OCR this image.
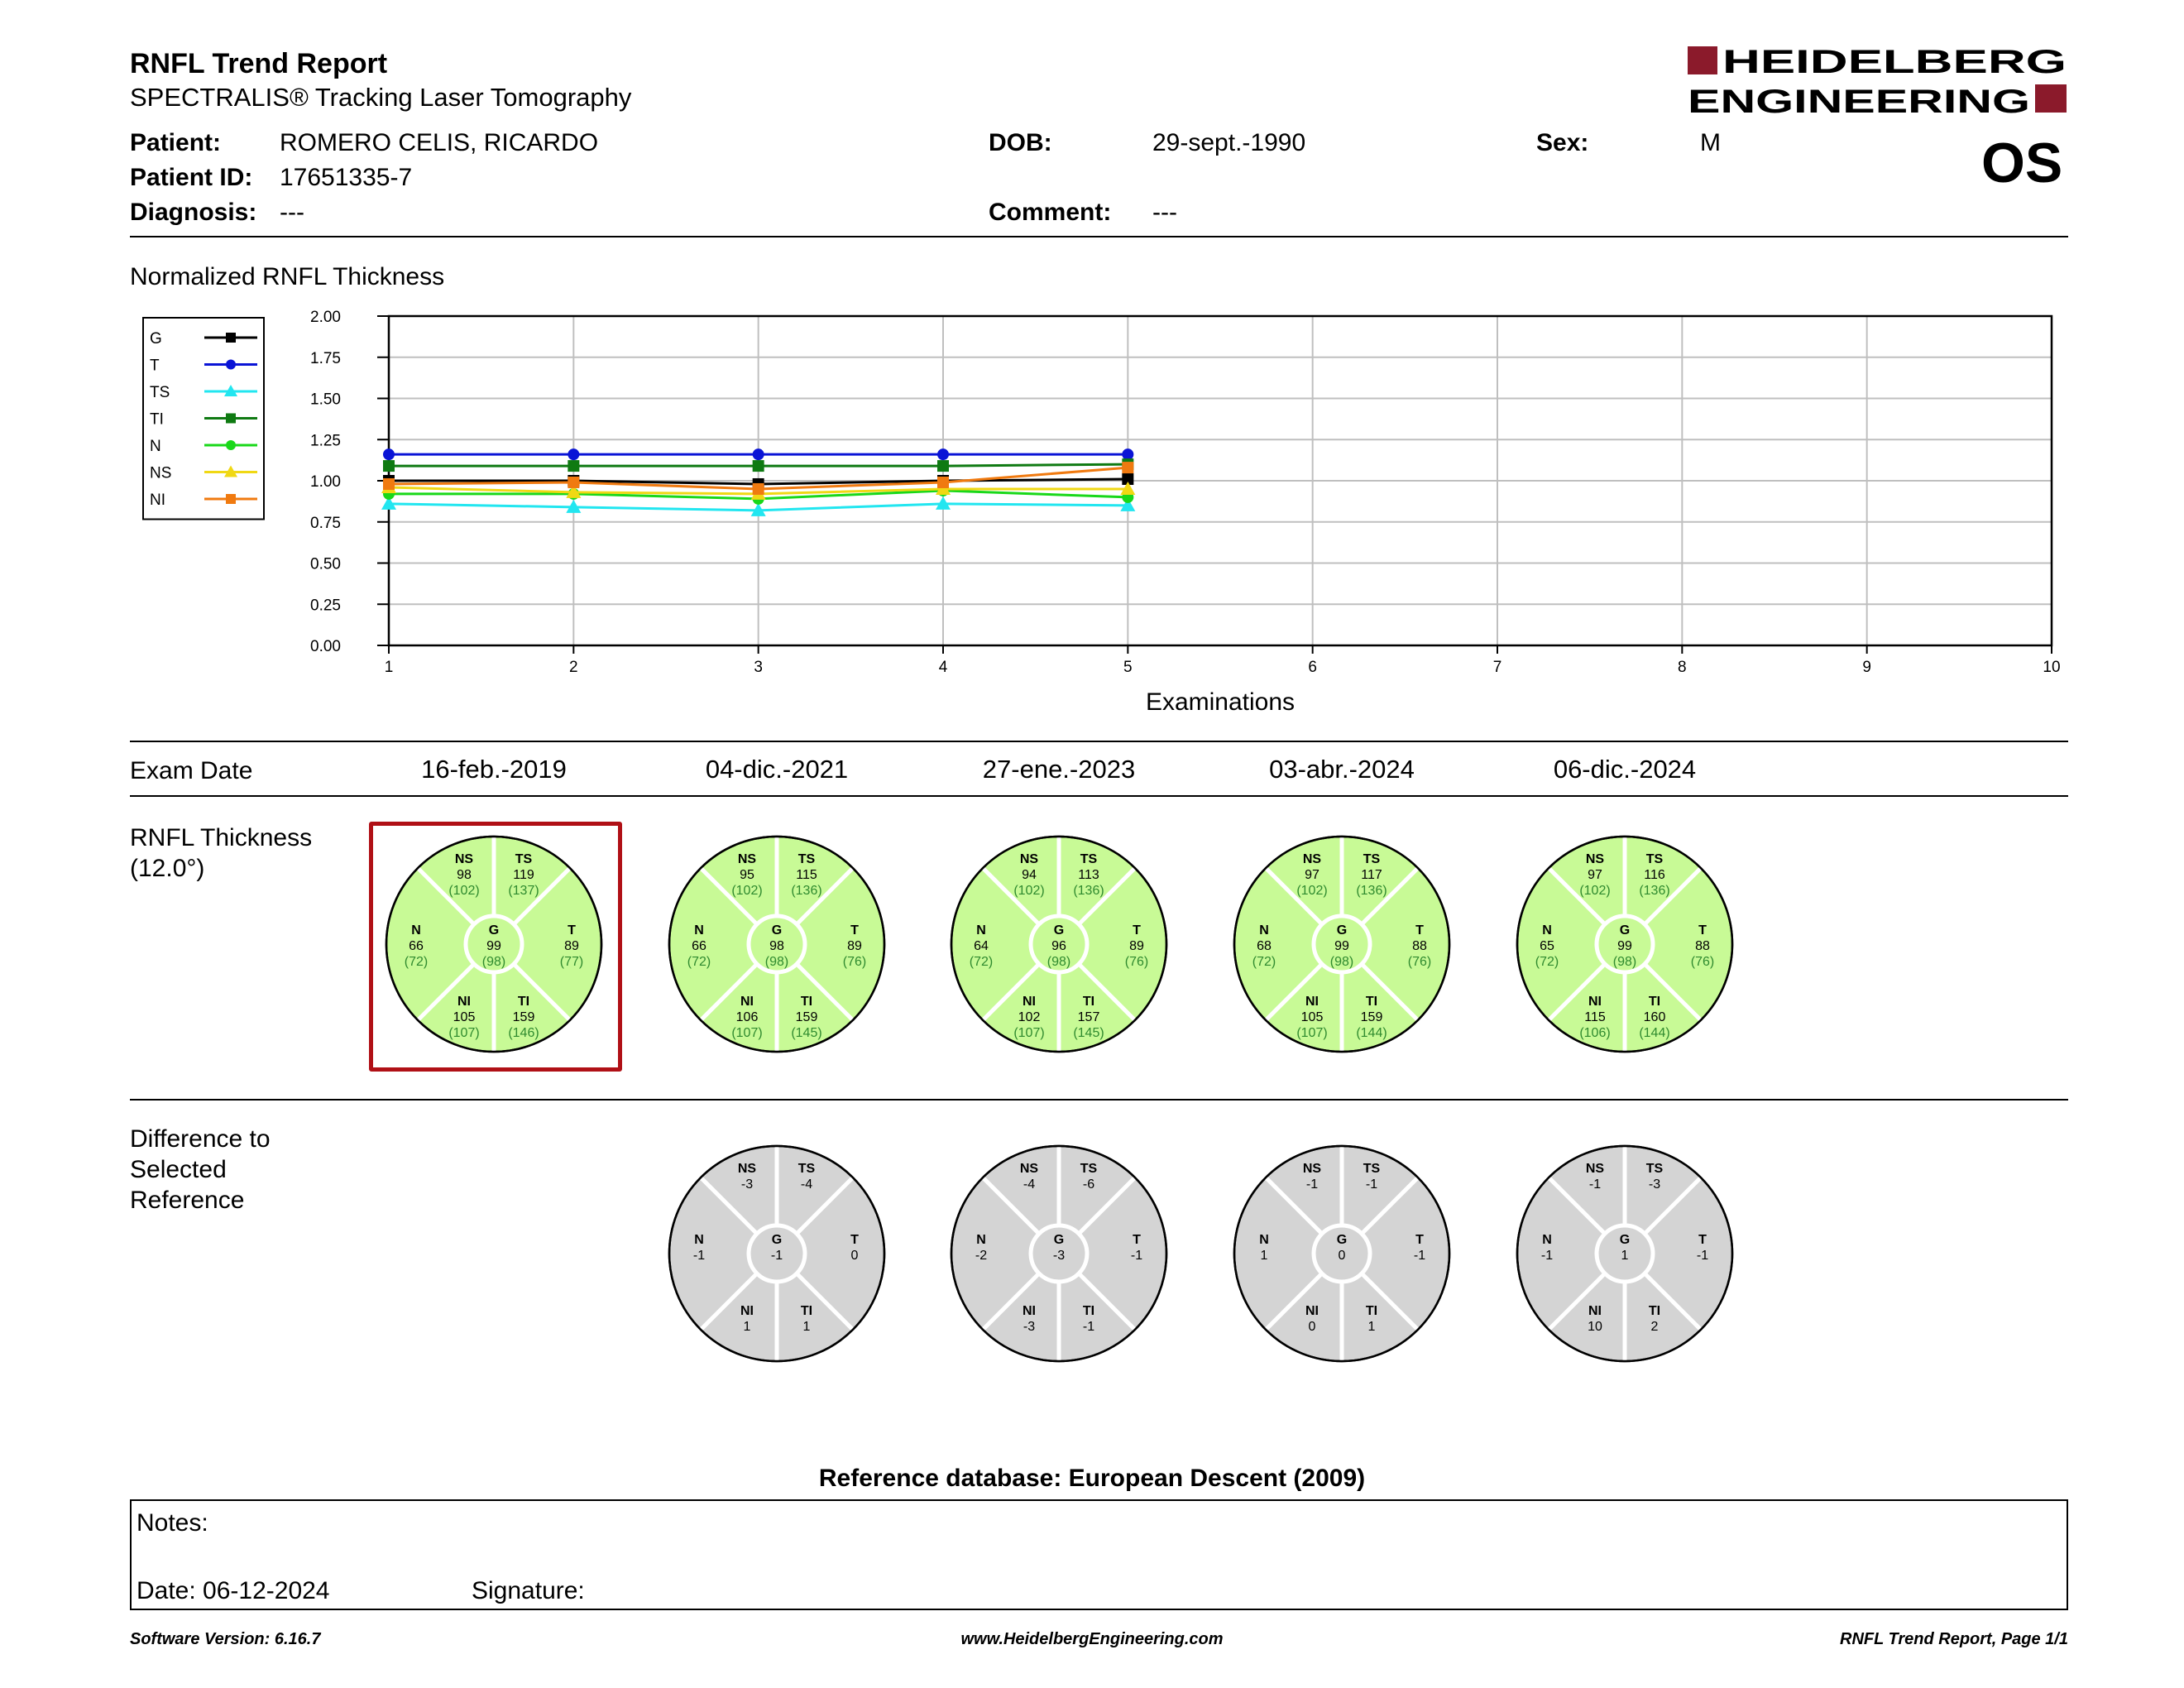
RNFL Trend Report
SPECTRALIS® Tracking Laser Tomography
HEIDELBERG
ENGINEERING
OS
Patient: ROMERO CELIS, RICARDO
Patient ID: 17651335-7
Diagnosis: ---
DOB:	29-sept.-1990
Comment: ---
Sex:	M
Normalized RNFL Thickness
1	2	3	4	5	6	7	8	9	10
0.00
0.25
0.50
0.75
1.00
1.25
1.50
1.75
2.00
Examinations
G
T
TS
TI
N
NS
NI
Exam Date	16-feb.-2019	04-dic.-2021	27-ene.-2023	03-abr.-2024	06-dic.-2024
RNFL Thickness
(12.0°)	NS
98
(102)
TS
119
(137)
N
66
(72)
G
99
(98)
T
89
(77)
NI
105
(107)
TI
159
(146)
NS
95
(102)
TS
115
(136)
N
66
(72)
G
98
(98)
T
89
(76)
NI
106
(107)
TI
159
(145)
NS
94
(102)
TS
113
(136)
N
64
(72)
G
96
(98)
T
89
(76)
NI
102
(107)
TI
157
(145)
NS
97
(102)
TS
117
(136)
N
68
(72)
G
99
(98)
T
88
(76)
NI
105
(107)
TI
159
(144)
NS
97
(102)
TS
116
(136)
N
65
(72)
G
99
(98)
T
88
(76)
NI
115
(106)
TI
160
(144)
Difference to
Selected
Reference
NS
-3
TS
-4
N
-1
G
-1
T
0
NI
1
TI
1
NS
-4
TS
-6
N
-2
G
-3
T
-1
NI
-3
TI
-1
NS
-1
TS
-1
N
1
G
0
T
-1
NI
0
TI
1
NS
-1
TS
-3
N
-1
G
1
T
-1
NI
10
TI
2
Reference database: European Descent (2009)
Notes:
Date: 06-12-2024	Signature:
Software Version: 6.16.7	www.HeidelbergEngineering.com	RNFL Trend Report, Page 1/1
